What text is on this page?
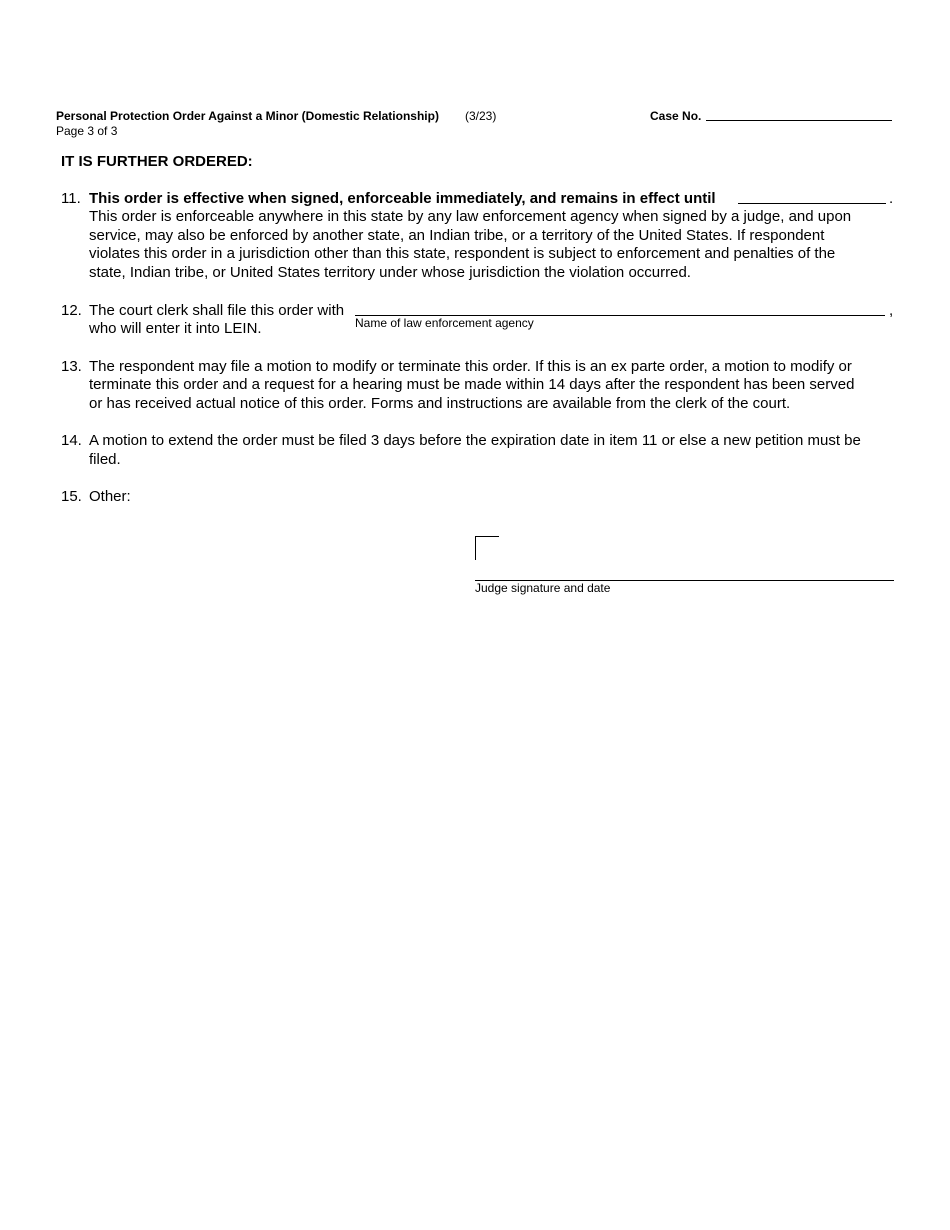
Personal Protection Order Against a Minor (Domestic Relationship) (3/23)
Page 3 of 3
Case No.
IT IS FURTHER ORDERED:
11. This order is effective when signed, enforceable immediately, and remains in effect until	.
This order is enforceable anywhere in this state by any law enforcement agency when signed by a judge, and upon
service, may also be enforced by another state, an Indian tribe, or a territory of the United States. If respondent
violates this order in a jurisdiction other than this state, respondent is subject to enforcement and penalties of the
state, Indian tribe, or United States territory under whose jurisdiction the violation occurred.
12. The court clerk shall file this order with	,
Name of law enforcement agency
who will enter it into LEIN.
13. The respondent may file a motion to modify or terminate this order. If this is an ex parte order, a motion to modify or
terminate this order and a request for a hearing must be made within 14 days after the respondent has been served
or has received actual notice of this order. Forms and instructions are available from the clerk of the court.
14. A motion to extend the order must be filed 3 days before the expiration date in item 11 or else a new petition must be
filed.
15. Other:
Judge signature and date
